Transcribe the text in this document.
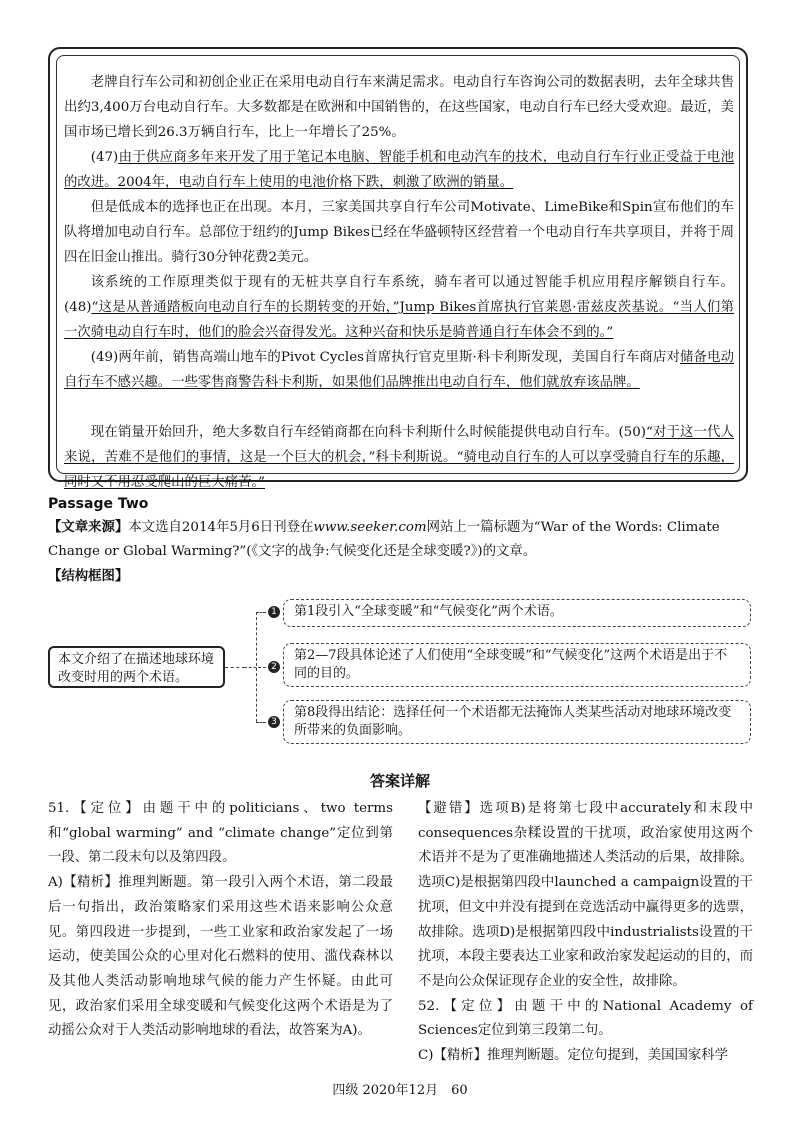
老牌自行车公司和初创企业正在采用电动自行车来满足需求。电动自行车咨询公司的数据表明，去年全球共售出约3,400万台电动自行车。大多数都是在欧洲和中国销售的，在这些国家，电动自行车已经大受欢迎。最近，美国市场已增长到26.3万辆自行车，比上一年增长了25%。

(47)由于供应商多年来开发了用于笔记本电脑、智能手机和电动汽车的技术，电动自行车行业正受益于电池的改进。2004年，电动自行车上使用的电池价格下跌，刺激了欧洲的销量。

但是低成本的选择也正在出现。本月，三家美国共享自行车公司Motivate、LimeBike和Spin宣布他们的车队将增加电动自行车。总部位于纽约的Jump Bikes已经在华盛顿特区经营着一个电动自行车共享项目，并将于周四在旧金山推出。骑行30分钟花费2美元。

该系统的工作原理类似于现有的无桩共享自行车系统，骑车者可以通过智能手机应用程序解锁自行车。(48)“这是从普通踏板向电动自行车的长期转变的开始，”Jump Bikes首席执行官莱恩·雷兹皮茨基说。“当人们第一次骑电动自行车时，他们的脸会兴奋得发光。这种兴奋和快乐是骑普通自行车体会不到的。”

(49)两年前，销售高端山地车的Pivot Cycles首席执行官克里斯·科卡利斯发现，美国自行车商店对储备电动自行车不感兴趣。一些零售商警告科卡利斯，如果他们品牌推出电动自行车，他们就放弃该品牌。

现在销量开始回升，绝大多数自行车经销商都在向科卡利斯什么时候能提供电动自行车。(50)“对于这一代人来说，苦难不是他们的事情，这是一个巨大的机会，”科卡利斯说。“骑电动自行车的人可以享受骑自行车的乐趣，同时又不用忍受爬山的巨大痛苦。”

Passage Two

【文章来源】本文选自2014年5月6日刊登在www.seeker.com网站上一篇标题为“War of the Words: Climate Change or Global Warming?”(《文字的战争:气候变化还是全球变暖?》)的文章。

【结构框图】
本文介绍了在描述地球环境改变时用的两个术语。
1
2
3
第1段引入“全球变暖”和“气候变化”两个术语。
第2—7段具体论述了人们使用“全球变暖”和“气候变化”这两个术语是出于不同的目的。
第8段得出结论：选择任何一个术语都无法掩饰人类某些活动对地球环境改变所带来的负面影响。
答案详解

51.【定位】由题干中的politicians、two terms和“global warming” and “climate change”定位到第一段、第二段末句以及第四段。
A)【精析】推理判断题。第一段引入两个术语，第二段最后一句指出，政治策略家们采用这些术语来影响公众意见。第四段进一步提到，一些工业家和政治家发起了一场运动，使美国公众的心里对化石燃料的使用、滥伐森林以及其他人类活动影响地球气候的能力产生怀疑。由此可见，政治家们采用全球变暖和气候变化这两个术语是为了动摇公众对于人类活动影响地球的看法，故答案为A)。

【避错】选项B)是将第七段中accurately和末段中consequences杂糅设置的干扰项，政治家使用这两个术语并不是为了更准确地描述人类活动的后果，故排除。选项C)是根据第四段中launched a campaign设置的干扰项，但文中并没有提到在竞选活动中赢得更多的选票，故排除。选项D)是根据第四段中industrialists设置的干扰项，本段主要表达工业家和政治家发起运动的目的，而不是向公众保证现存企业的安全性，故排除。
52.【定位】由题干中的National Academy of Sciences定位到第三段第二句。
C)【精析】推理判断题。定位句提到，美国国家科学

四级 2020年12月　60
